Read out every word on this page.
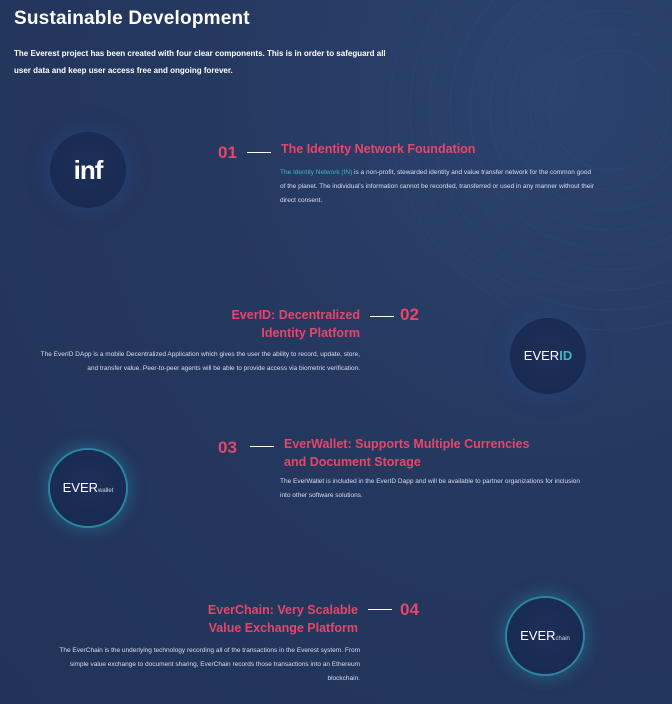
Sustainable Development
The Everest project has been created with four clear components. This is in order to safeguard all user data and keep user access free and ongoing forever.
inf
01	The Identity Network Foundation
The Identity Network (IN) is a non-profit, stewarded identity and value transfer network for the common good of the planet. The individual's information cannot be recorded, transferred or used in any manner without their direct consent.
EverID: Decentralized
Identity Platform
02
The EverID DApp is a mobile Decentralized Application which gives the user the ability to record, update, store, and transfer value. Peer-to-peer agents will be able to provide access via biometric verification.
EVERID
EVERwallet
03	EverWallet: Supports Multiple Currencies
and Document Storage
The EverWallet is included in the EverID Dapp and will be available to partner organizations for inclusion into other software solutions.
EverChain: Very Scalable
Value Exchange Platform
04
The EverChain is the underlying technology recording all of the transactions in the Everest system. From simple value exchange to document sharing, EverChain records those transactions into an Ethereum blockchain.
EVERchain
